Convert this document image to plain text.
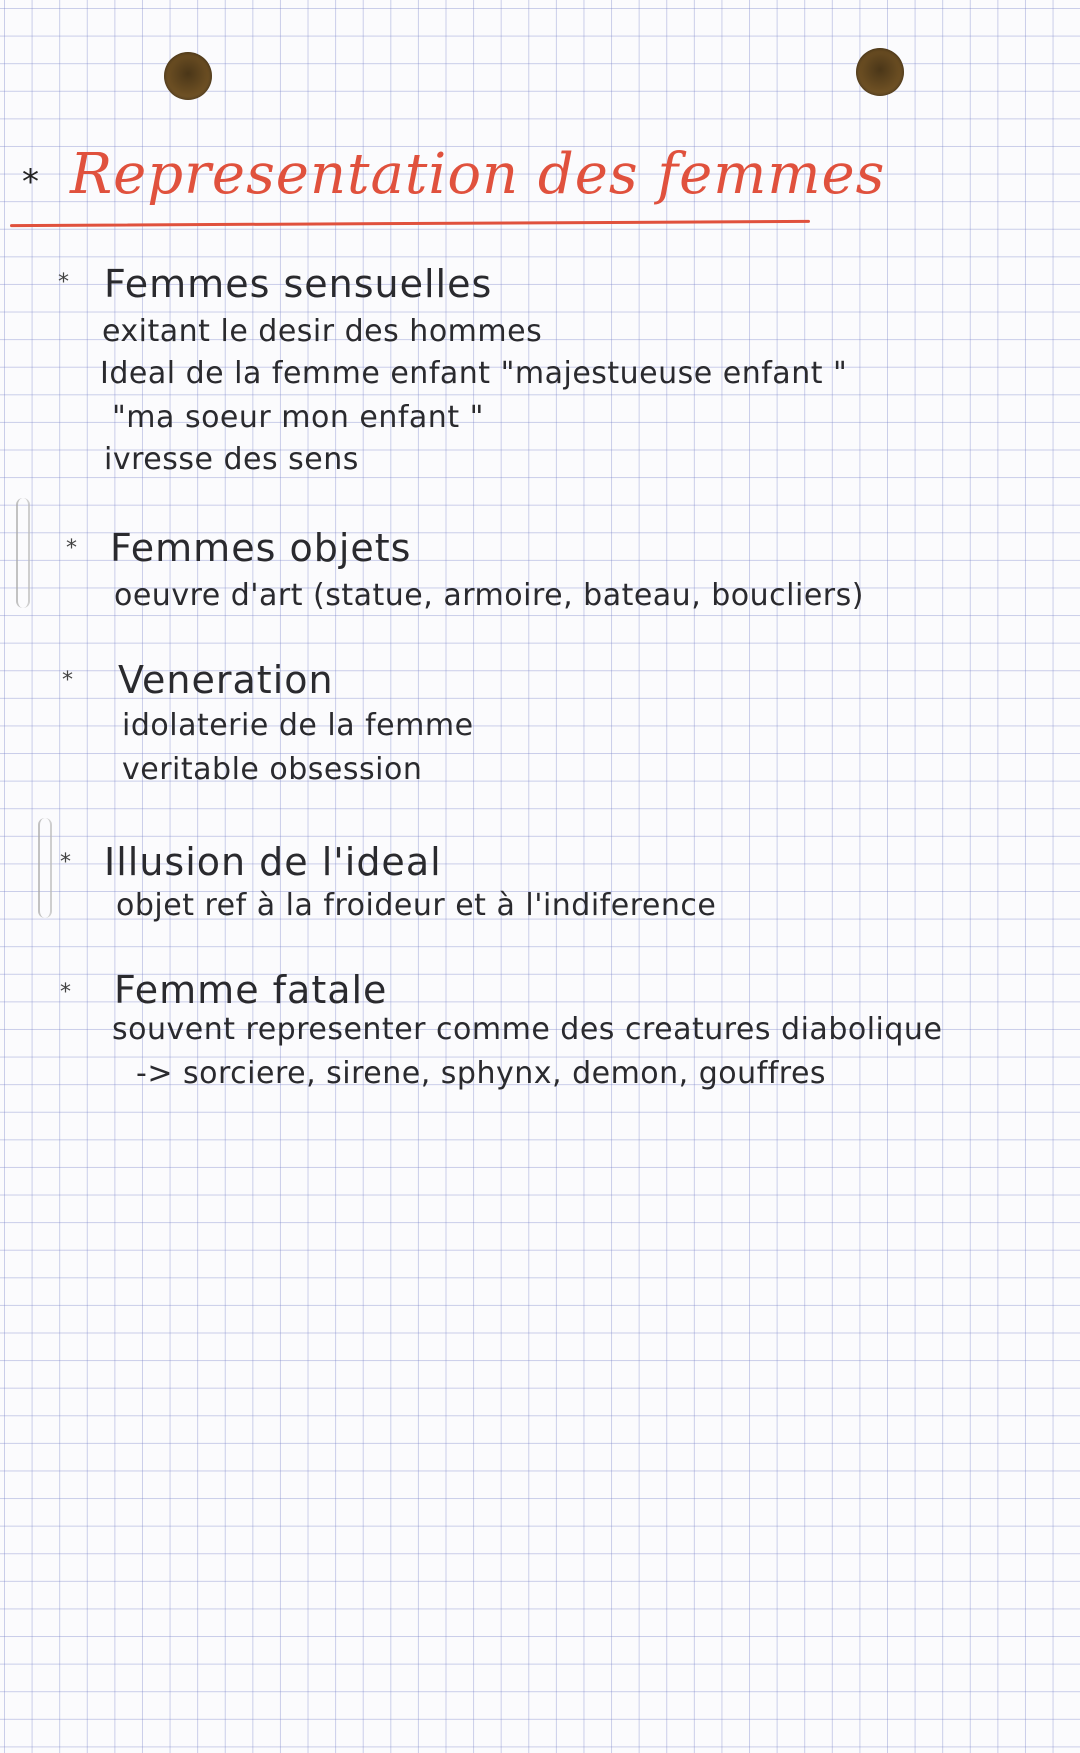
* Representation des femmes
* Femmes sensuelles
exitant le desir des hommes
Ideal de la femme enfant "majestueuse enfant "
"ma soeur mon enfant "
ivresse des sens
* Femmes objets
oeuvre d'art (statue, armoire, bateau, boucliers)
* Veneration
idolaterie de la femme
veritable obsession
* Illusion de l'ideal
objet ref à la froideur et à l'indiference
* Femme fatale
souvent representer comme des creatures diabolique
-> sorciere, sirene, sphynx, demon, gouffres
